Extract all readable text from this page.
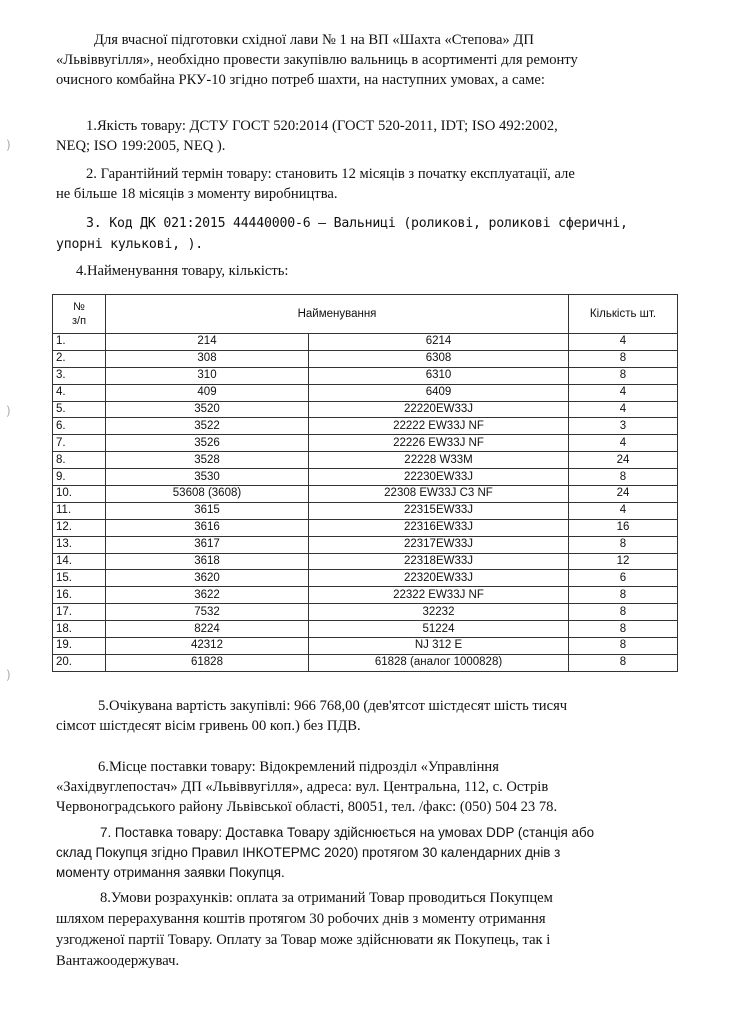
Для вчасної підготовки східної лави № 1 на ВП «Шахта «Степова» ДП

«Львіввугілля», необхідно провести закупівлю вальниць в асортименті для ремонту

очисного комбайна РКУ-10 згідно потреб шахти, на наступних умовах, а саме:

1.Якість товару: ДСТУ ГОСТ 520:2014 (ГОСТ 520-2011, IDT; ISO 492:2002,

NEQ; ISO 199:2005, NEQ ).

2. Гарантійний термін товару: становить 12 місяців з початку експлуатації, але

не більше 18 місяців з моменту виробництва.

3. Код ДК 021:2015 44440000-6 – Вальниці (роликові, роликові сферичні,

упорні кулькові, ).

4.Найменування товару, кількість:

№
з/п	Найменування		Кількість шт.
1.	214	6214	4
2.	308	6308	8
3.	310	6310	8
4.	409	6409	4
5.	3520	22220EW33J	4
6.	3522	22222 EW33J NF	3
7.	3526	22226 EW33J NF	4
8.	3528	22228 W33M	24
9.	3530	22230EW33J	8
10.	53608 (3608)	22308 EW33J C3 NF	24
11.	3615	22315EW33J	4
12.	3616	22316EW33J	16
13.	3617	22317EW33J	8
14.	3618	22318EW33J	12
15.	3620	22320EW33J	6
16.	3622	22322 EW33J NF	8
17.	7532	32232	8
18.	8224	51224	8
19.	42312	NJ 312 E	8
20.	61828	61828 (аналог 1000828)	8

5.Очікувана вартість закупівлі: 966 768,00 (дев'ятсот шістдесят шість тисяч

сімсот шістдесят вісім гривень 00 коп.) без ПДВ.

6.Місце поставки товару: Відокремлений підрозділ «Управління

«Західвуглепостач» ДП «Львіввугілля», адреса: вул. Центральна, 112, с. Острів

Червоноградського району Львівської області, 80051, тел. /факс: (050) 504 23 78.

7. Поставка товару: Доставка Товару здійснюється на умовах DDP (станція або

склад Покупця згідно Правил ІНКОТЕРМС 2020) протягом 30 календарних днів з

моменту отримання заявки Покупця.

8.Умови розрахунків: оплата за отриманий Товар проводиться Покупцем

шляхом перерахування коштів протягом 30 робочих днів з моменту отримання

узгодженої партії Товару. Оплату за Товар може здійснювати як Покупець, так і

Вантажоодержувач.

)
)
)
